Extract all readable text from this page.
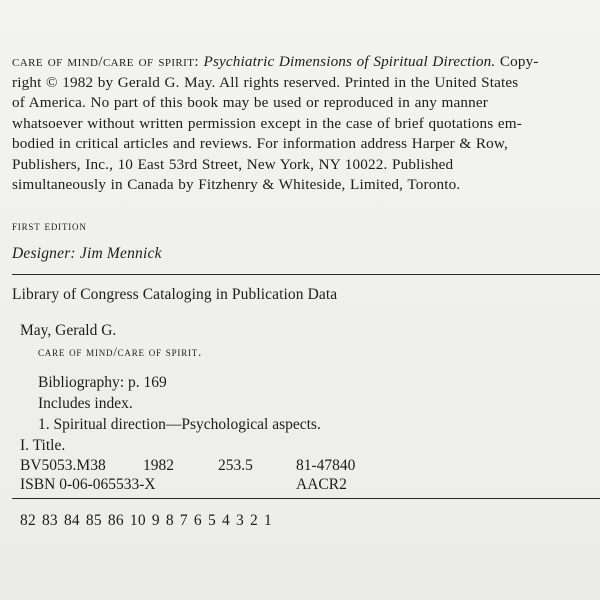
care of mind/care of spirit: Psychiatric Dimensions of Spiritual Direction. Copy-
right © 1982 by Gerald G. May. All rights reserved. Printed in the United States
of America. No part of this book may be used or reproduced in any manner
whatsoever without written permission except in the case of brief quotations em-
bodied in critical articles and reviews. For information address Harper & Row,
Publishers, Inc., 10 East 53rd Street, New York, NY 10022. Published
simultaneously in Canada by Fitzhenry & Whiteside, Limited, Toronto.
first edition
Designer: Jim Mennick
Library of Congress Cataloging in Publication Data
May, Gerald G.
care of mind/care of spirit.
Bibliography: p. 169
Includes index.
1. Spiritual direction—Psychological aspects.
I. Title.
BV5053.M38 1982	253.5	81-47840
ISBN 0-06-065533-X	AACR2
82 83 84 85 86 10 9 8 7 6 5 4 3 2 1
